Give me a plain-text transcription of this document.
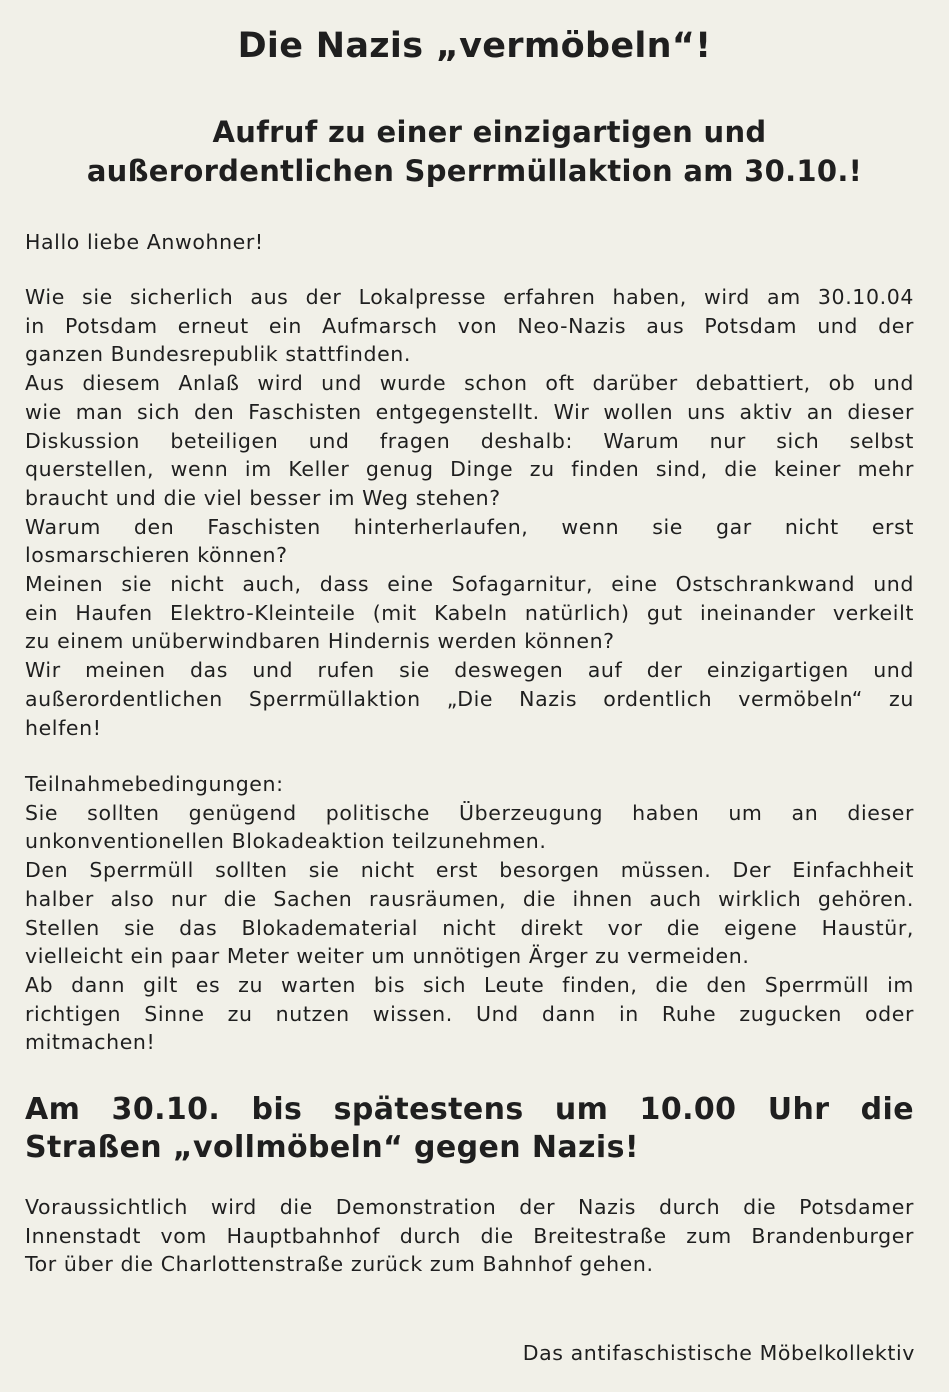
Die Nazis „vermöbeln“!
Aufruf zu einer einzigartigen und
außerordentlichen Sperrmüllaktion am 30.10.!
Hallo liebe Anwohner!
Wie sie sicherlich aus der Lokalpresse erfahren haben, wird am 30.10.04
in Potsdam erneut ein Aufmarsch von Neo-Nazis aus Potsdam und der
ganzen Bundesrepublik stattfinden.
Aus diesem Anlaß wird und wurde schon oft darüber debattiert, ob und
wie man sich den Faschisten entgegenstellt. Wir wollen uns aktiv an dieser
Diskussion beteiligen und fragen deshalb: Warum nur sich selbst
querstellen, wenn im Keller genug Dinge zu finden sind, die keiner mehr
braucht und die viel besser im Weg stehen?
Warum den Faschisten hinterherlaufen, wenn sie gar nicht erst
losmarschieren können?
Meinen sie nicht auch, dass eine Sofagarnitur, eine Ostschrankwand und
ein Haufen Elektro-Kleinteile (mit Kabeln natürlich) gut ineinander verkeilt
zu einem unüberwindbaren Hindernis werden können?
Wir meinen das und rufen sie deswegen auf der einzigartigen und
außerordentlichen Sperrmüllaktion „Die Nazis ordentlich vermöbeln“ zu
helfen!
Teilnahmebedingungen:
Sie sollten genügend politische Überzeugung haben um an dieser
unkonventionellen Blokadeaktion teilzunehmen.
Den Sperrmüll sollten sie nicht erst besorgen müssen. Der Einfachheit
halber also nur die Sachen rausräumen, die ihnen auch wirklich gehören.
Stellen sie das Blokadematerial nicht direkt vor die eigene Haustür,
vielleicht ein paar Meter weiter um unnötigen Ärger zu vermeiden.
Ab dann gilt es zu warten bis sich Leute finden, die den Sperrmüll im
richtigen Sinne zu nutzen wissen. Und dann in Ruhe zugucken oder
mitmachen!
Am 30.10. bis spätestens um 10.00 Uhr die
Straßen „vollmöbeln“ gegen Nazis!
Voraussichtlich wird die Demonstration der Nazis durch die Potsdamer
Innenstadt vom Hauptbahnhof durch die Breitestraße zum Brandenburger
Tor über die Charlottenstraße zurück zum Bahnhof gehen.
Das antifaschistische Möbelkollektiv
